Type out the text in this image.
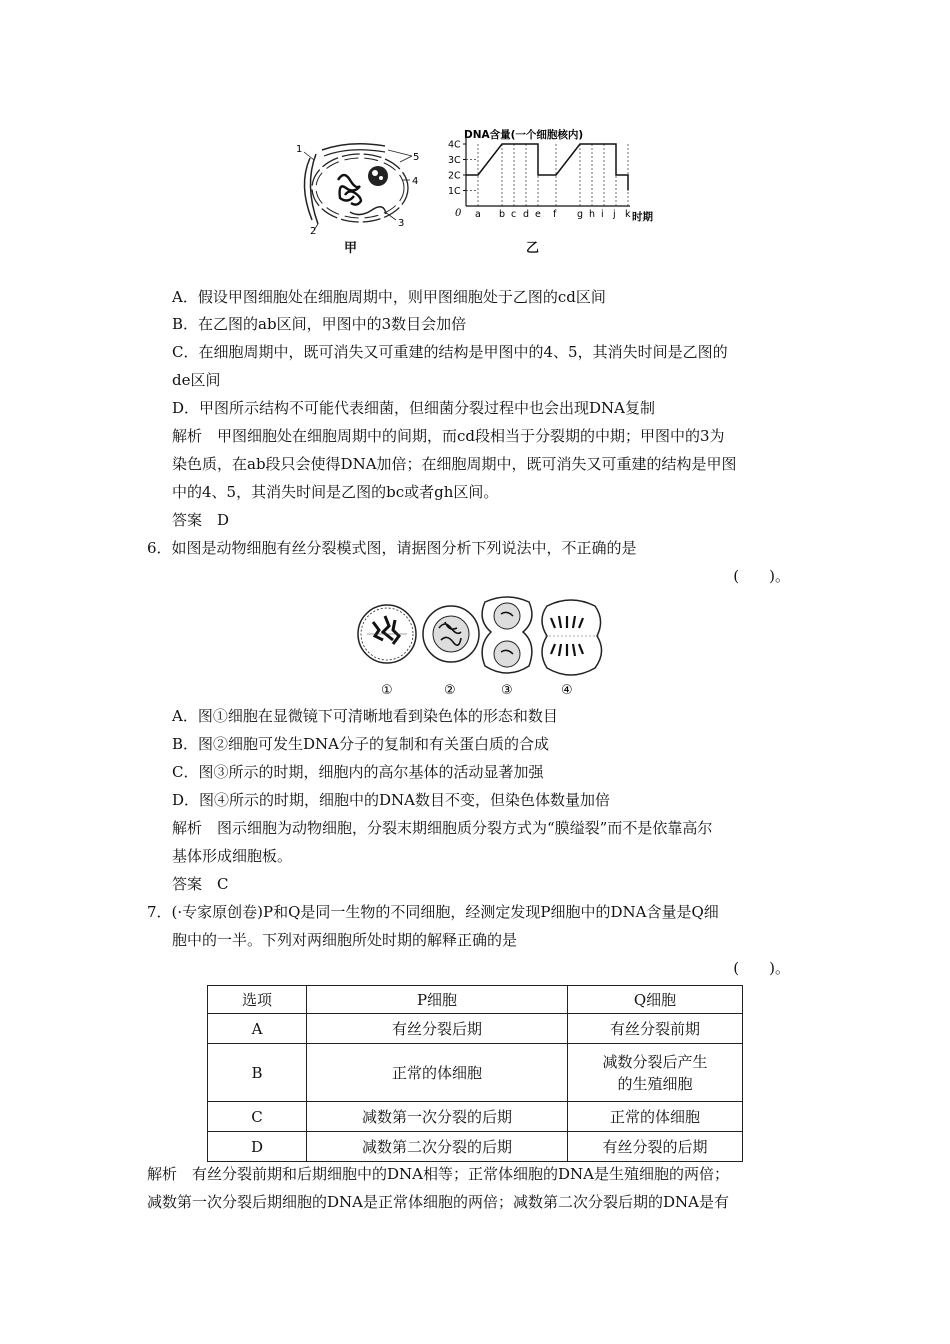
1
2
3
4
5
甲
DNA含量(一个细胞核内)
时期
0
1C
2C
3C
4C
a b c d e f g h i j k
乙
A．假设甲图细胞处在细胞周期中，则甲图细胞处于乙图的cd区间
B．在乙图的ab区间，甲图中的3数目会加倍
C．在细胞周期中，既可消失又可重建的结构是甲图中的4、5，其消失时间是乙图的
de区间
D．甲图所示结构不可能代表细菌，但细菌分裂过程中也会出现DNA复制
解析　甲图细胞处在细胞周期中的间期，而cd段相当于分裂期的中期；甲图中的3为
染色质，在ab段只会使得DNA加倍；在细胞周期中，既可消失又可重建的结构是甲图
中的4、5，其消失时间是乙图的bc或者gh区间。
答案　D
6．如图是动物细胞有丝分裂模式图，请据图分析下列说法中，不正确的是
(　　)。
①	②	③	④
A．图①细胞在显微镜下可清晰地看到染色体的形态和数目
B．图②细胞可发生DNA分子的复制和有关蛋白质的合成
C．图③所示的时期，细胞内的高尔基体的活动显著加强
D．图④所示的时期，细胞中的DNA数目不变，但染色体数量加倍
解析　图示细胞为动物细胞，分裂末期细胞质分裂方式为“膜缢裂”而不是依靠高尔
基体形成细胞板。
答案　C
7．(·专家原创卷)P和Q是同一生物的不同细胞，经测定发现P细胞中的DNA含量是Q细
胞中的一半。下列对两细胞所处时期的解释正确的是
(　　)。
选项	P细胞	Q细胞
A	有丝分裂后期	有丝分裂前期
B	正常的体细胞	减数分裂后产生
的生殖细胞

C	减数第一次分裂的后期	正常的体细胞
D	减数第二次分裂的后期	有丝分裂的后期
解析　有丝分裂前期和后期细胞中的DNA相等；正常体细胞的DNA是生殖细胞的两倍；
减数第一次分裂后期细胞的DNA是正常体细胞的两倍；减数第二次分裂后期的DNA是有
